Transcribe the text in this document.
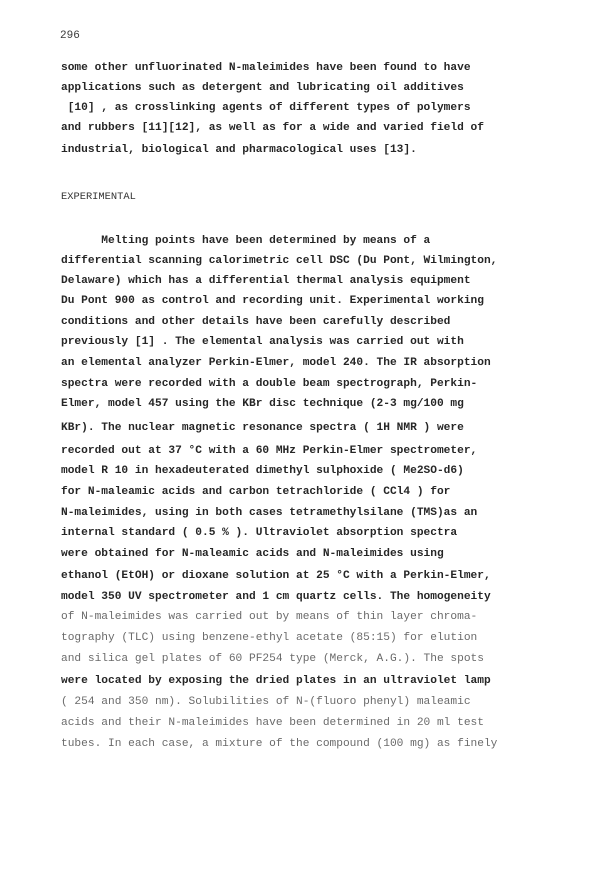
296
some other unfluorinated N-maleimides have been found to have
applications such as detergent and lubricating oil additives
[10] , as crosslinking agents of different types of polymers
and rubbers [11][12], as well as for a wide and varied field of
industrial, biological and pharmacological uses [13].
EXPERIMENTAL
Melting points have been determined by means of a
differential scanning calorimetric cell DSC (Du Pont, Wilmington,
Delaware) which has a differential thermal analysis equipment
Du Pont 900 as control and recording unit. Experimental working
conditions and other details have been carefully described
previously [1] . The elemental analysis was carried out with
an elemental analyzer Perkin-Elmer, model 240. The IR absorption
spectra were recorded with a double beam spectrograph, Perkin-
Elmer, model 457 using the KBr disc technique (2-3 mg/100 mg
KBr). The nuclear magnetic resonance spectra ( 1H NMR ) were
recorded out at 37 °C with a 60 MHz Perkin-Elmer spectrometer,
model R 10 in hexadeuterated dimethyl sulphoxide ( Me2SO-d6)
for N-maleamic acids and carbon tetrachloride ( CCl4 ) for
N-maleimides, using in both cases tetramethylsilane (TMS)as an
internal standard ( 0.5 % ). Ultraviolet absorption spectra
were obtained for N-maleamic acids and N-maleimides using
ethanol (EtOH) or dioxane solution at 25 °C with a Perkin-Elmer,
model 350 UV spectrometer and 1 cm quartz cells. The homogeneity
of N-maleimides was carried out by means of thin layer chroma-
tography (TLC) using benzene-ethyl acetate (85:15) for elution
and silica gel plates of 60 PF254 type (Merck, A.G.). The spots
were located by exposing the dried plates in an ultraviolet lamp
( 254 and 350 nm). Solubilities of N-(fluoro phenyl) maleamic
acids and their N-maleimides have been determined in 20 ml test
tubes. In each case, a mixture of the compound (100 mg) as finely
